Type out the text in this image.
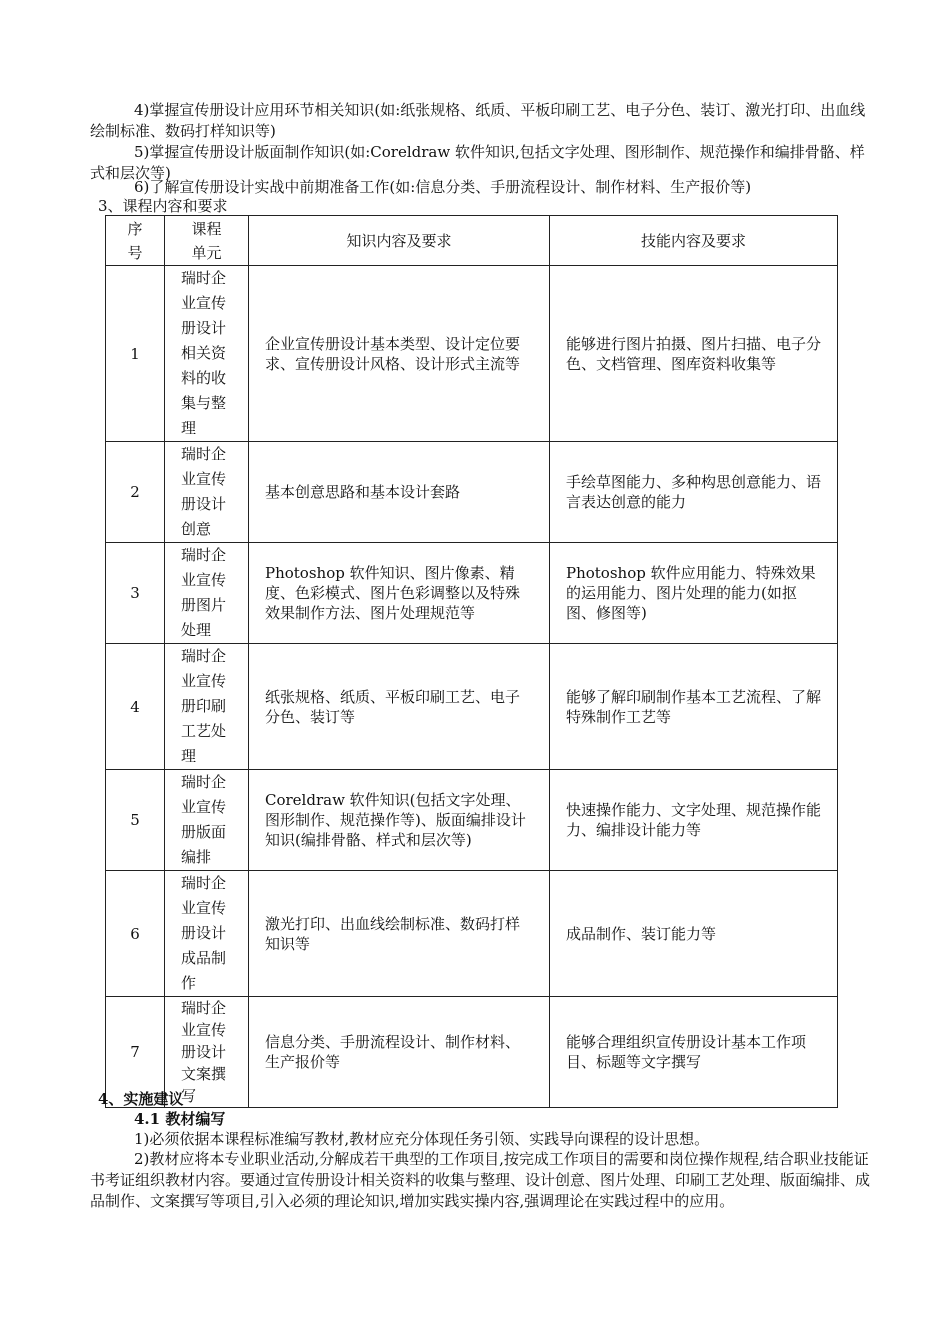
4)掌握宣传册设计应用环节相关知识(如:纸张规格、纸质、平板印刷工艺、电子分色、装订、激光打印、出血线绘制标准、数码打样知识等)

5)掌握宣传册设计版面制作知识(如:Coreldraw 软件知识,包括文字处理、图形制作、规范操作和编排骨骼、样式和层次等)

6)了解宣传册设计实战中前期准备工作(如:信息分类、手册流程设计、制作材料、生产报价等)

3、课程内容和要求

序号	课程单元	知识内容及要求	技能内容及要求
1	瑞时企业宣传册设计相关资料的收集与整理	企业宣传册设计基本类型、设计定位要求、宣传册设计风格、设计形式主流等	能够进行图片拍摄、图片扫描、电子分色、文档管理、图库资料收集等
2	瑞时企业宣传册设计创意	基本创意思路和基本设计套路	手绘草图能力、多种构思创意能力、语言表达创意的能力
3	瑞时企业宣传册图片处理	Photoshop 软件知识、图片像素、精度、色彩模式、图片色彩调整以及特殊效果制作方法、图片处理规范等	Photoshop 软件应用能力、特殊效果的运用能力、图片处理的能力(如抠图、修图等)
4	瑞时企业宣传册印刷工艺处理	纸张规格、纸质、平板印刷工艺、电子分色、装订等	能够了解印刷制作基本工艺流程、了解特殊制作工艺等
5	瑞时企业宣传册版面编排	Coreldraw 软件知识(包括文字处理、图形制作、规范操作等)、版面编排设计知识(编排骨骼、样式和层次等)	快速操作能力、文字处理、规范操作能力、编排设计能力等
6	瑞时企业宣传册设计成品制作	激光打印、出血线绘制标准、数码打样知识等	成品制作、装订能力等
7	瑞时企业宣传册设计文案撰写	信息分类、手册流程设计、制作材料、生产报价等	能够合理组织宣传册设计基本工作项目、标题等文字撰写

4、实施建议

4.1 教材编写

1)必须依据本课程标准编写教材,教材应充分体现任务引领、实践导向课程的设计思想。

2)教材应将本专业职业活动,分解成若干典型的工作项目,按完成工作项目的需要和岗位操作规程,结合职业技能证书考证组织教材内容。要通过宣传册设计相关资料的收集与整理、设计创意、图片处理、印刷工艺处理、版面编排、成品制作、文案撰写等项目,引入必须的理论知识,增加实践实操内容,强调理论在实践过程中的应用。
